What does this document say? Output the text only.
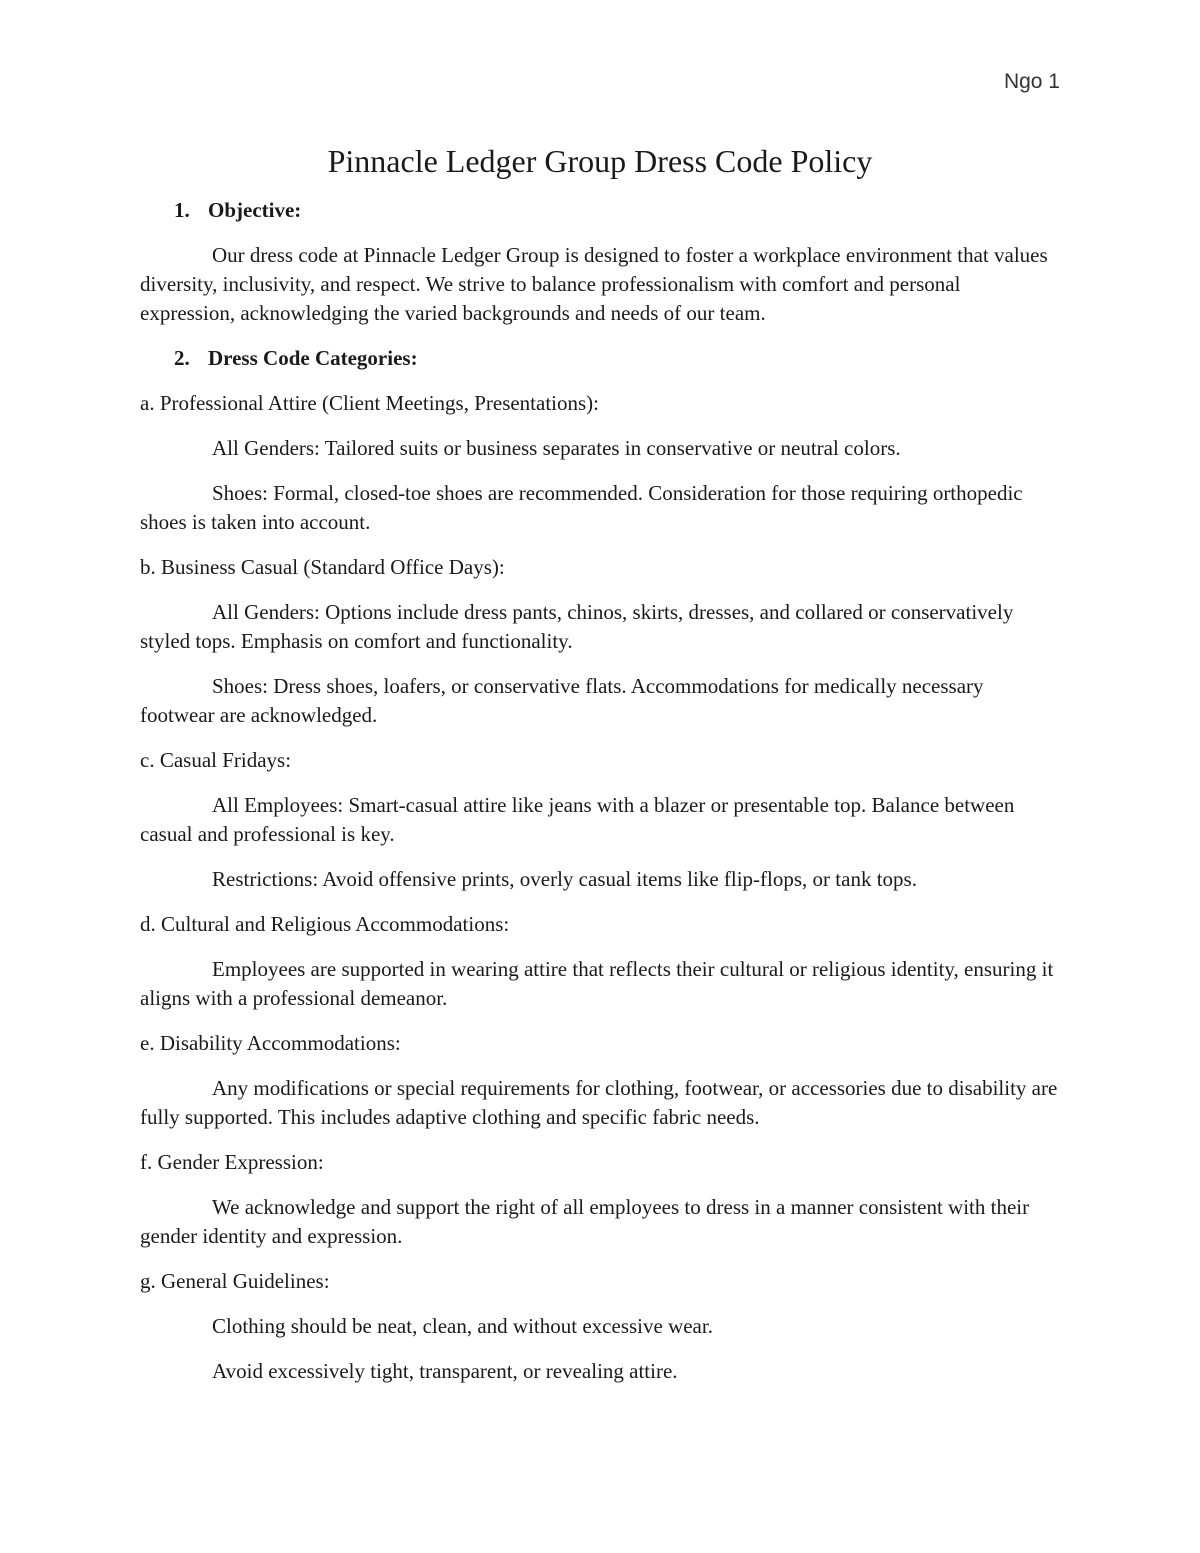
Ngo 1
Pinnacle Ledger Group Dress Code Policy
1. Objective:

Our dress code at Pinnacle Ledger Group is designed to foster a workplace environment that values diversity, inclusivity, and respect. We strive to balance professionalism with comfort and personal expression, acknowledging the varied backgrounds and needs of our team.

2. Dress Code Categories:

a. Professional Attire (Client Meetings, Presentations):

All Genders: Tailored suits or business separates in conservative or neutral colors.

Shoes: Formal, closed-toe shoes are recommended. Consideration for those requiring orthopedic shoes is taken into account.

b. Business Casual (Standard Office Days):

All Genders: Options include dress pants, chinos, skirts, dresses, and collared or conservatively styled tops. Emphasis on comfort and functionality.

Shoes: Dress shoes, loafers, or conservative flats. Accommodations for medically necessary footwear are acknowledged.

c. Casual Fridays:

All Employees: Smart-casual attire like jeans with a blazer or presentable top. Balance between casual and professional is key.

Restrictions: Avoid offensive prints, overly casual items like flip-flops, or tank tops.

d. Cultural and Religious Accommodations:

Employees are supported in wearing attire that reflects their cultural or religious identity, ensuring it aligns with a professional demeanor.

e. Disability Accommodations:

Any modifications or special requirements for clothing, footwear, or accessories due to disability are fully supported. This includes adaptive clothing and specific fabric needs.

f. Gender Expression:

We acknowledge and support the right of all employees to dress in a manner consistent with their gender identity and expression.

g. General Guidelines:

Clothing should be neat, clean, and without excessive wear.

Avoid excessively tight, transparent, or revealing attire.
